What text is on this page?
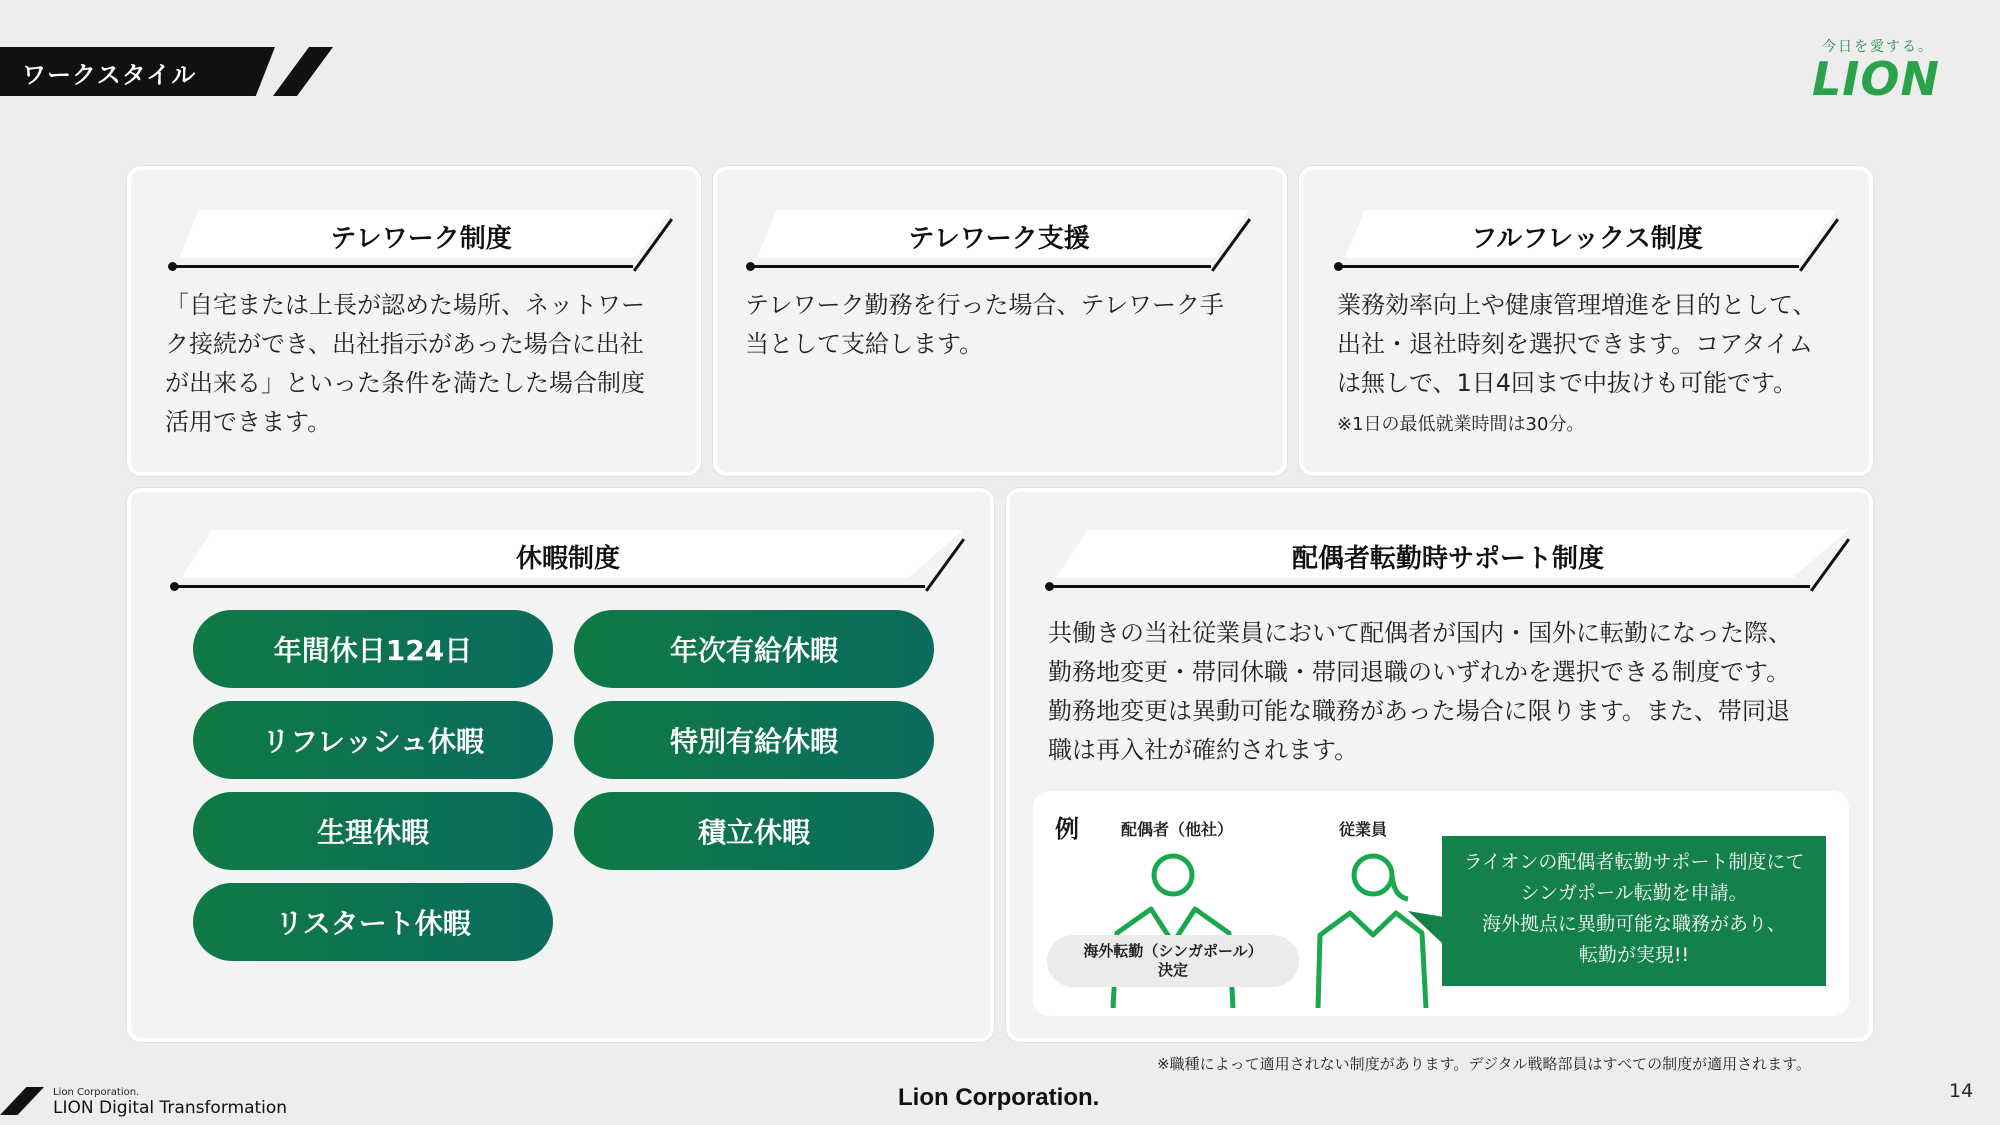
ワークスタイル
今日を愛する。
LION
テレワーク制度
「自宅または上長が認めた場所、ネットワー
ク接続ができ、出社指示があった場合に出社
が出来る」といった条件を満たした場合制度
活用できます。
テレワーク支援
テレワーク勤務を行った場合、テレワーク手
当として支給します。
フルフレックス制度
業務効率向上や健康管理増進を目的として、
出社・退社時刻を選択できます。コアタイム
は無しで、1日4回まで中抜けも可能です。
※1日の最低就業時間は30分。
休暇制度
年間休日124日	年次有給休暇
リフレッシュ休暇	特別有給休暇
生理休暇	積立休暇
リスタート休暇
配偶者転勤時サポート制度
共働きの当社従業員において配偶者が国内・国外に転勤になった際、
勤務地変更・帯同休職・帯同退職のいずれかを選択できる制度です。
勤務地変更は異動可能な職務があった場合に限ります。また、帯同退
職は再入社が確約されます。
例	配偶者（他社）	従業員
海外転勤（シンガポール）
決定
ライオンの配偶者転勤サポート制度にて
シンガポール転勤を申請。
海外拠点に異動可能な職務があり、
転勤が実現!!
※職種によって適用されない制度があります。デジタル戦略部員はすべての制度が適用されます。
Lion Corporation.
LION Digital Transformation	Lion Corporation.	14
